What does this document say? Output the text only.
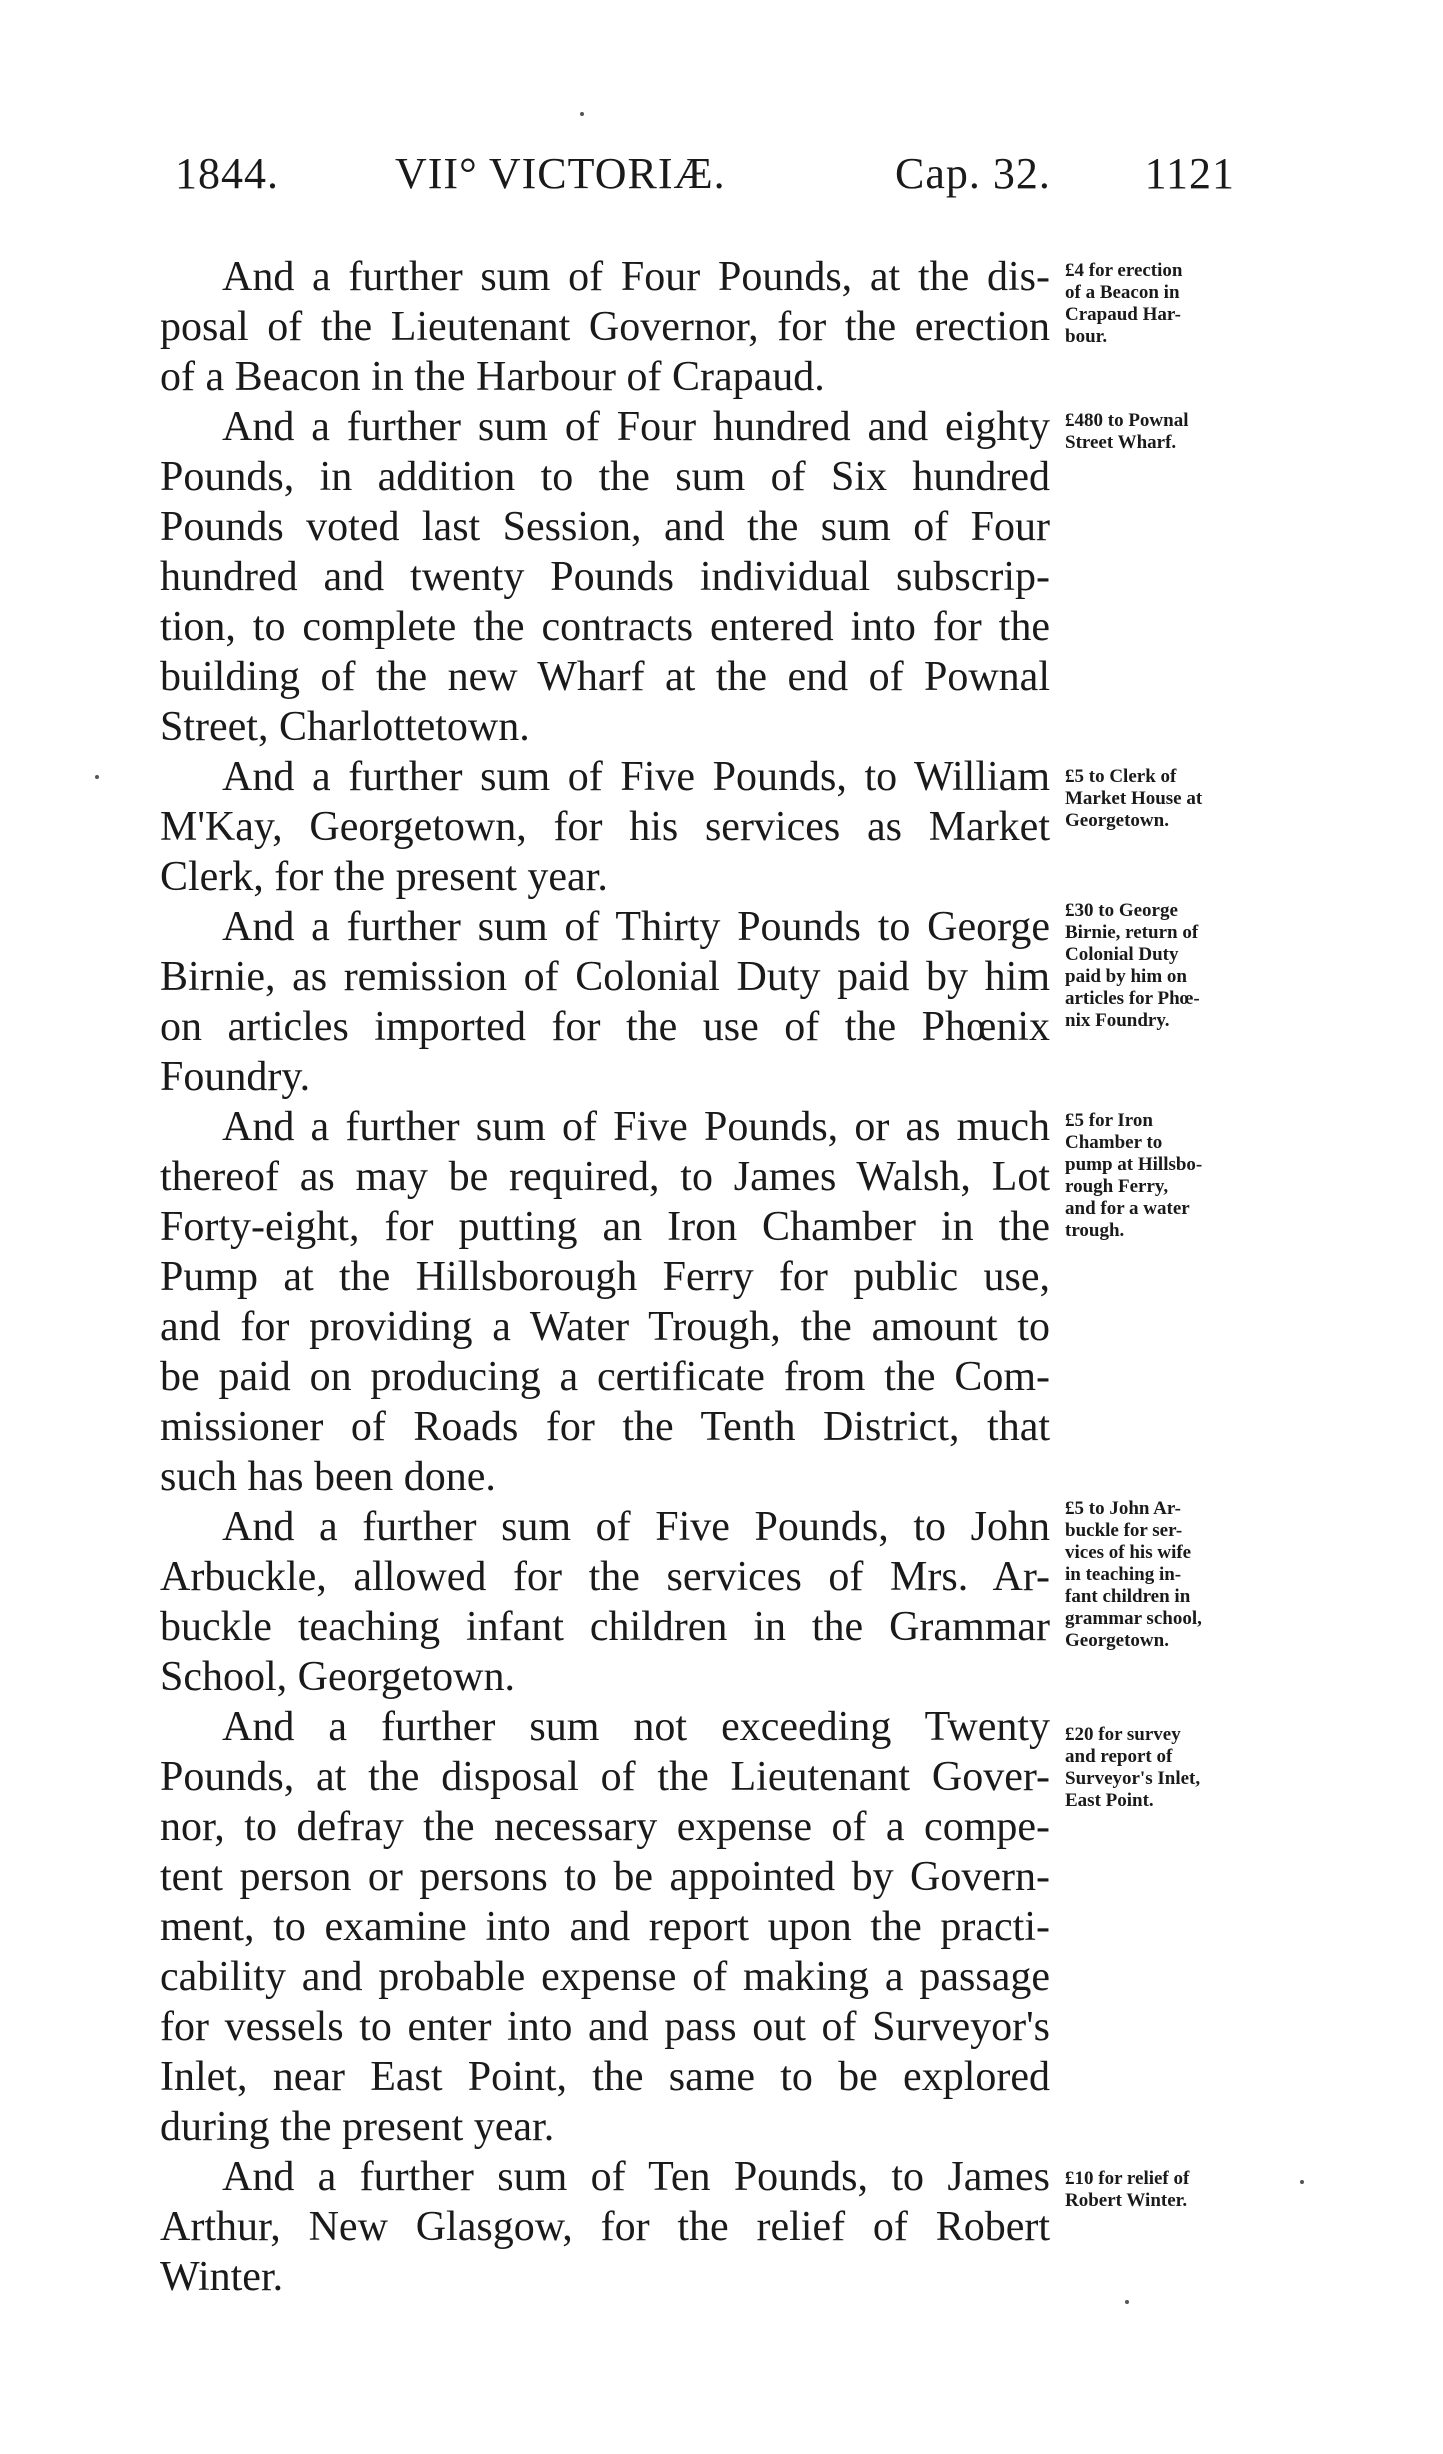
1844.	VII° VICTORIÆ.	Cap. 32. 1121
And a further sum of Four Pounds, at the dis-
posal of the Lieutenant Governor, for the erection
of a Beacon in the Harbour of Crapaud.
And a further sum of Four hundred and eighty
Pounds, in addition to the sum of Six hundred
Pounds voted last Session, and the sum of Four
hundred and twenty Pounds individual subscrip-
tion, to complete the contracts entered into for the
building of the new Wharf at the end of Pownal
Street, Charlottetown.
And a further sum of Five Pounds, to William
M'Kay, Georgetown, for his services as Market
Clerk, for the present year.
And a further sum of Thirty Pounds to George
Birnie, as remission of Colonial Duty paid by him
on articles imported for the use of the Phœnix
Foundry.
And a further sum of Five Pounds, or as much
thereof as may be required, to James Walsh, Lot
Forty-eight, for putting an Iron Chamber in the
Pump at the Hillsborough Ferry for public use,
and for providing a Water Trough, the amount to
be paid on producing a certificate from the Com-
missioner of Roads for the Tenth District, that
such has been done.
And a further sum of Five Pounds, to John
Arbuckle, allowed for the services of Mrs. Ar-
buckle teaching infant children in the Grammar
School, Georgetown.
And a further sum not exceeding Twenty
Pounds, at the disposal of the Lieutenant Gover-
nor, to defray the necessary expense of a compe-
tent person or persons to be appointed by Govern-
ment, to examine into and report upon the practi-
cability and probable expense of making a passage
for vessels to enter into and pass out of Surveyor's
Inlet, near East Point, the same to be explored
during the present year.
And a further sum of Ten Pounds, to James
Arthur, New Glasgow, for the relief of Robert
Winter.
£4 for erection
of a Beacon in
Crapaud Har-
bour.
£480 to Pownal
Street Wharf.
£5 to Clerk of
Market House at
Georgetown.
£30 to George
Birnie, return of
Colonial Duty
paid by him on
articles for Phœ-
nix Foundry.
£5 for Iron
Chamber to
pump at Hillsbo-
rough Ferry,
and for a water
trough.
£5 to John Ar-
buckle for ser-
vices of his wife
in teaching in-
fant children in
grammar school,
Georgetown.
£20 for survey
and report of
Surveyor's Inlet,
East Point.
£10 for relief of
Robert Winter.
